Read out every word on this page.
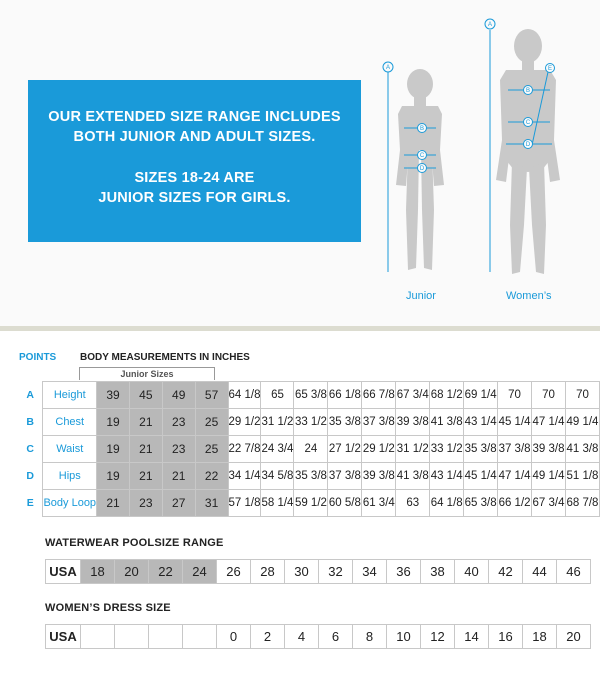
OUR EXTENDED SIZE RANGE INCLUDES

BOTH JUNIOR AND ADULT SIZES.

SIZES 18-24 ARE

JUNIOR SIZES FOR GIRLS.

A
B
C
D
A
B
C
D
E
Junior	Women’s
POINTS BODY MEASUREMENTS IN INCHES
Junior Sizes
A	Height	39	45	49	57	64 1/8	65	65 3/8	66 1/8	66 7/8	67 3/4	68 1/2	69 1/4	70	70	70
B	Chest	19	21	23	25	29 1/2	31 1/2	33 1/2	35 3/8	37 3/8	39 3/8	41 3/8	43 1/4	45 1/4	47 1/4	49 1/4
C	Waist	19	21	23	25	22 7/8	24 3/4	24	27 1/2	29 1/2	31 1/2	33 1/2	35 3/8	37 3/8	39 3/8	41 3/8
D	Hips	19	21	21	22	34 1/4	34 5/8	35 3/8	37 3/8	39 3/8	41 3/8	43 1/4	45 1/4	47 1/4	49 1/4	51 1/8
E	Body Loop	21	23	27	31	57 1/8	58 1/4	59 1/2	60 5/8	61 3/4	63	64 1/8	65 3/8	66 1/2	67 3/4	68 7/8
WATERWEAR POOLSIZE RANGE
USA	18	20	22	24	26	28	30	32	34	36	38	40	42	44	46
WOMEN’S DRESS SIZE
USA					0	2	4	6	8	10	12	14	16	18	20
